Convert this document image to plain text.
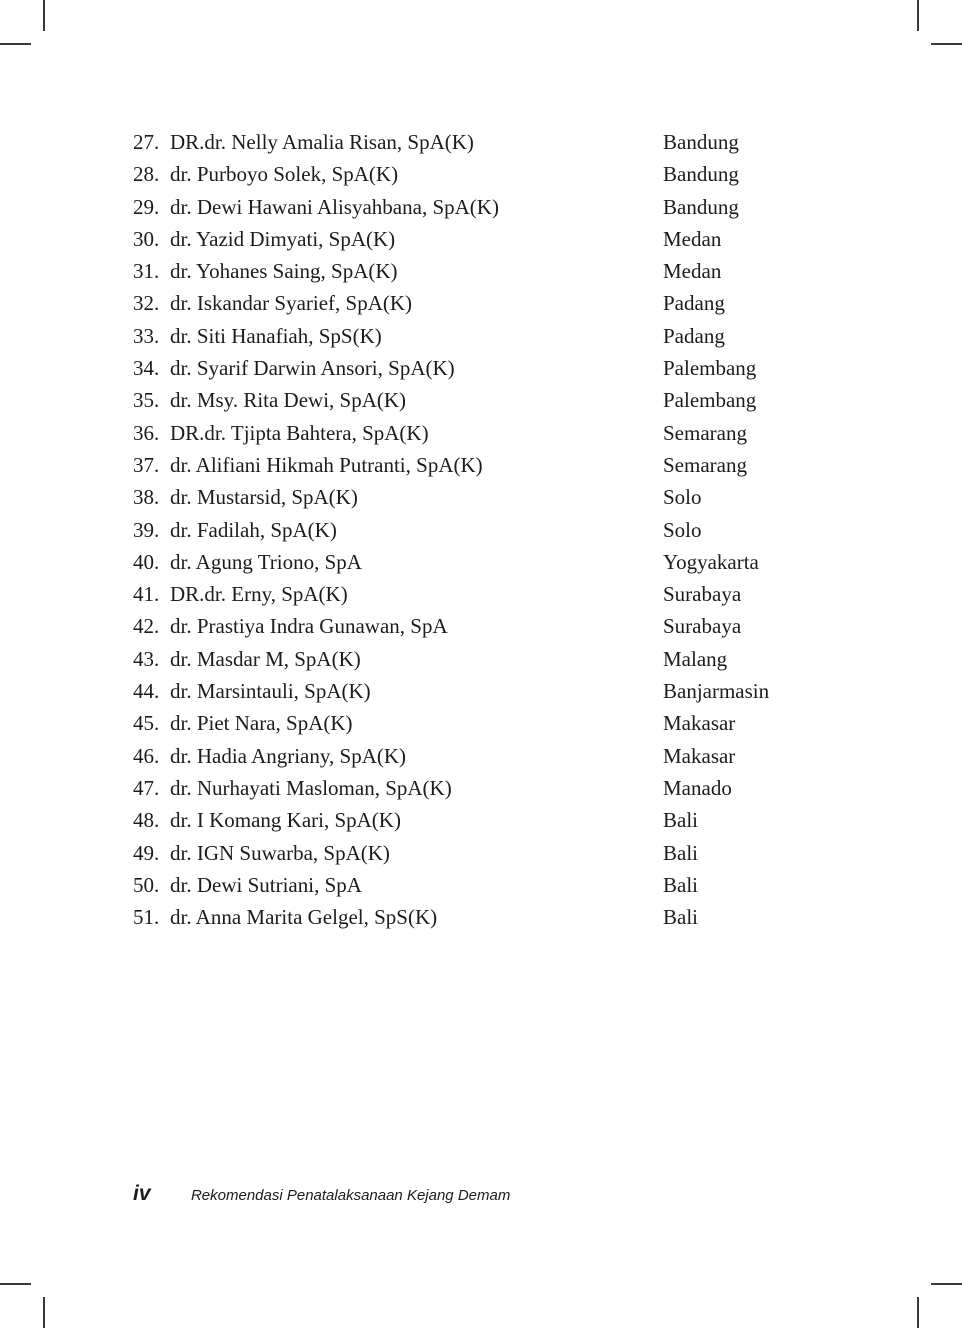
27. DR.dr. Nelly Amalia Risan, SpA(K)	Bandung
28. dr. Purboyo Solek, SpA(K)	Bandung
29. dr. Dewi Hawani Alisyahbana, SpA(K)	Bandung
30. dr. Yazid Dimyati, SpA(K)	Medan
31. dr. Yohanes Saing, SpA(K)	Medan
32. dr. Iskandar Syarief, SpA(K)	Padang
33. dr. Siti Hanafiah, SpS(K)	Padang
34. dr. Syarif Darwin Ansori, SpA(K)	Palembang
35. dr. Msy. Rita Dewi, SpA(K)	Palembang
36. DR.dr. Tjipta Bahtera, SpA(K)	Semarang
37. dr. Alifiani Hikmah Putranti, SpA(K)	Semarang
38. dr. Mustarsid, SpA(K)	Solo
39. dr. Fadilah, SpA(K)	Solo
40. dr. Agung Triono, SpA	Yogyakarta
41. DR.dr. Erny, SpA(K)	Surabaya
42. dr. Prastiya Indra Gunawan, SpA	Surabaya
43. dr. Masdar M, SpA(K)	Malang
44. dr. Marsintauli, SpA(K)	Banjarmasin
45. dr. Piet Nara, SpA(K)	Makasar
46. dr. Hadia Angriany, SpA(K)	Makasar
47. dr. Nurhayati Masloman, SpA(K)	Manado
48. dr. I Komang Kari, SpA(K)	Bali
49. dr. IGN Suwarba, SpA(K)	Bali
50. dr. Dewi Sutriani, SpA	Bali
51. dr. Anna Marita Gelgel, SpS(K)	Bali
iv	Rekomendasi Penatalaksanaan Kejang Demam
